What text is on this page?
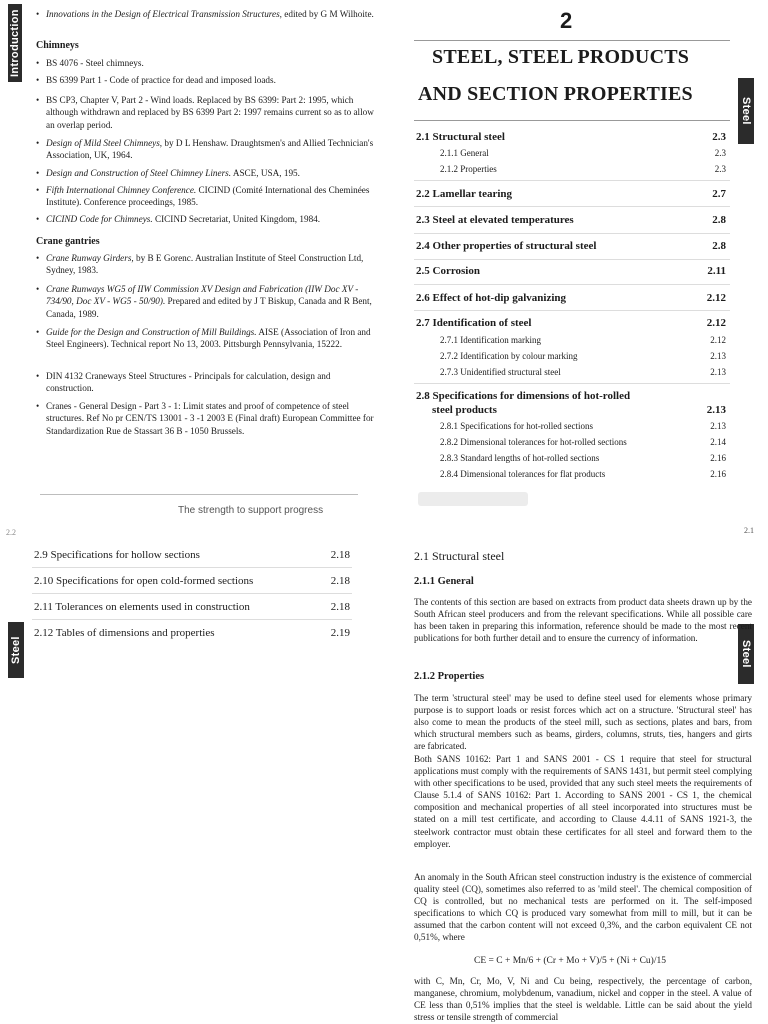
Introduction
•	Innovations in the Design of Electrical Transmission Structures, edited by G M Wilhoite.
Chimneys
• BS 4076 - Steel chimneys.
• BS 6399 Part 1 - Code of practice for dead and imposed loads.
• BS CP3, Chapter V, Part 2 - Wind loads. Replaced by BS 6399: Part 2: 1995, which although withdrawn and replaced by BS 6399 Part 2: 1997 remains current so as to allow an overlap period.
• Design of Mild Steel Chimneys, by D L Henshaw. Draughtsmen's and Allied Technician's Association, UK, 1964.
• Design and Construction of Steel Chimney Liners. ASCE, USA, 195.
• Fifth International Chimney Conference. CICIND (Comité International des Cheminées Institute). Conference proceedings, 1985.
• CICIND Code for Chimneys. CICIND Secretariat, United Kingdom, 1984.
Crane gantries
• Crane Runway Girders, by B E Gorenc. Australian Institute of Steel Construction Ltd, Sydney, 1983.
• Crane Runways WG5 of IIW Commission XV Design and Fabrication (IIW Doc XV - 734/90, Doc XV - WG5 - 50/90). Prepared and edited by J T Biskup, Canada and R Bent, Canada, 1989.
• Guide for the Design and Construction of Mill Buildings. AISE (Association of Iron and Steel Engineers). Technical report No 13, 2003. Pittsburgh Pennsylvania, 15222.
• DIN 4132 Craneways Steel Structures - Principals for calculation, design and construction.
• Cranes - General Design - Part 3 - 1: Limit states and proof of competence of steel structures. Ref No pr CEN/TS 13001 - 3 -1 2003 E (Final draft) European Committee for Standardization Rue de Stassart 36 B - 1050 Brussels.
The strength to support progress
2
STEEL, STEEL PRODUCTS
AND SECTION PROPERTIES
Steel
2.1 Structural steel	2.3
2.1.1 General	2.3
2.1.2 Properties	2.3
2.2 Lamellar tearing	2.7
2.3 Steel at elevated temperatures	2.8
2.4 Other properties of structural steel	2.8
2.5 Corrosion	2.11
2.6 Effect of hot-dip galvanizing	2.12
2.7 Identification of steel	2.12
2.7.1 Identification marking	2.12
2.7.2 Identification by colour marking	2.13
2.7.3 Unidentified structural steel	2.13
2.8 Specifications for dimensions of hot-rolled
steel products	2.13
2.8.1 Specifications for hot-rolled sections	2.13
2.8.2 Dimensional tolerances for hot-rolled sections	2.14
2.8.3 Standard lengths of hot-rolled sections	2.16
2.8.4 Dimensional tolerances for flat products	2.16
2.2
Steel
2.9 Specifications for hollow sections	2.18
2.10 Specifications for open cold-formed sections	2.18
2.11 Tolerances on elements used in construction	2.18
2.12 Tables of dimensions and properties	2.19
2.1
Steel
2.1 Structural steel
2.1.1 General
The contents of this section are based on extracts from product data sheets drawn up by the South African steel producers and from the relevant specifications. While all possible care has been taken in preparing this information, reference should be made to the most recent publications for both further detail and to ensure the currency of information.
2.1.2 Properties
The term 'structural steel' may be used to define steel used for elements whose primary purpose is to support loads or resist forces which act on a structure. 'Structural steel' has also come to mean the products of the steel mill, such as sections, plates and bars, from which structural members such as beams, girders, columns, struts, ties, hangers and girts are fabricated.
Both SANS 10162: Part 1 and SANS 2001 - CS 1 require that steel for structural applications must comply with the requirements of SANS 1431, but permit steel complying with other specifications to be used, provided that any such steel meets the requirements of Clause 5.1.4 of SANS 10162: Part 1. According to SANS 2001 - CS 1, the chemical composition and mechanical properties of all steel incorporated into structures must be stated on a mill test certificate, and according to Clause 4.4.11 of SANS 1921-3, the steelwork contractor must obtain these certificates for all steel and forward them to the employer.
An anomaly in the South African steel construction industry is the existence of commercial quality steel (CQ), sometimes also referred to as 'mild steel'. The chemical composition of CQ is controlled, but no mechanical tests are performed on it. The self-imposed specifications to which CQ is produced vary somewhat from mill to mill, but it can be assumed that the carbon content will not exceed 0,3%, and the carbon equivalent CE not 0,51%, where
CE = C + Mn/6 + (Cr + Mo + V)/5 + (Ni + Cu)/15
with C, Mn, Cr, Mo, V, Ni and Cu being, respectively, the percentage of carbon, manganese, chromium, molybdenum, vanadium, nickel and copper in the steel. A value of CE less than 0,51% implies that the steel is weldable. Little can be said about the yield stress or tensile strength of commercial
